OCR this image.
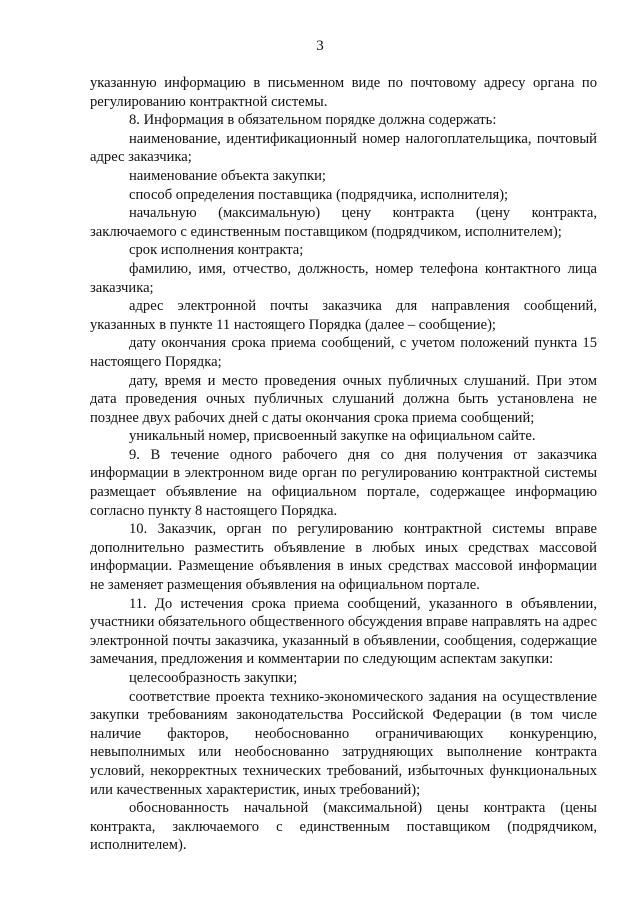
3

указанную информацию в письменном виде по почтовому адресу органа по регулированию контрактной системы.

8. Информация в обязательном порядке должна содержать:

наименование, идентификационный номер налогоплательщика, почтовый адрес заказчика;

наименование объекта закупки;

способ определения поставщика (подрядчика, исполнителя);

начальную (максимальную) цену контракта (цену контракта, заключаемого с единственным поставщиком (подрядчиком, исполнителем);

срок исполнения контракта;

фамилию, имя, отчество, должность, номер телефона контактного лица заказчика;

адрес электронной почты заказчика для направления сообщений, указанных в пункте 11 настоящего Порядка (далее – сообщение);

дату окончания срока приема сообщений, с учетом положений пункта 15 настоящего Порядка;

дату, время и место проведения очных публичных слушаний. При этом дата проведения очных публичных слушаний должна быть установлена не позднее двух рабочих дней с даты окончания срока приема сообщений;

уникальный номер, присвоенный закупке на официальном сайте.

9. В течение одного рабочего дня со дня получения от заказчика информации в электронном виде орган по регулированию контрактной системы размещает объявление на официальном портале, содержащее информацию согласно пункту 8 настоящего Порядка.

10. Заказчик, орган по регулированию контрактной системы вправе дополнительно разместить объявление в любых иных средствах массовой информации. Размещение объявления в иных средствах массовой информации не заменяет размещения объявления на официальном портале.

11. До истечения срока приема сообщений, указанного в объявлении, участники обязательного общественного обсуждения вправе направлять на адрес электронной почты заказчика, указанный в объявлении, сообщения, содержащие замечания, предложения и комментарии по следующим аспектам закупки:

целесообразность закупки;

соответствие проекта технико-экономического задания на осуществление закупки требованиям законодательства Российской Федерации (в том числе наличие факторов, необоснованно ограничивающих конкуренцию, невыполнимых или необоснованно затрудняющих выполнение контракта условий, некорректных технических требований, избыточных функциональных или качественных характеристик, иных требований);

обоснованность начальной (максимальной) цены контракта (цены контракта, заключаемого с единственным поставщиком (подрядчиком, исполнителем).
